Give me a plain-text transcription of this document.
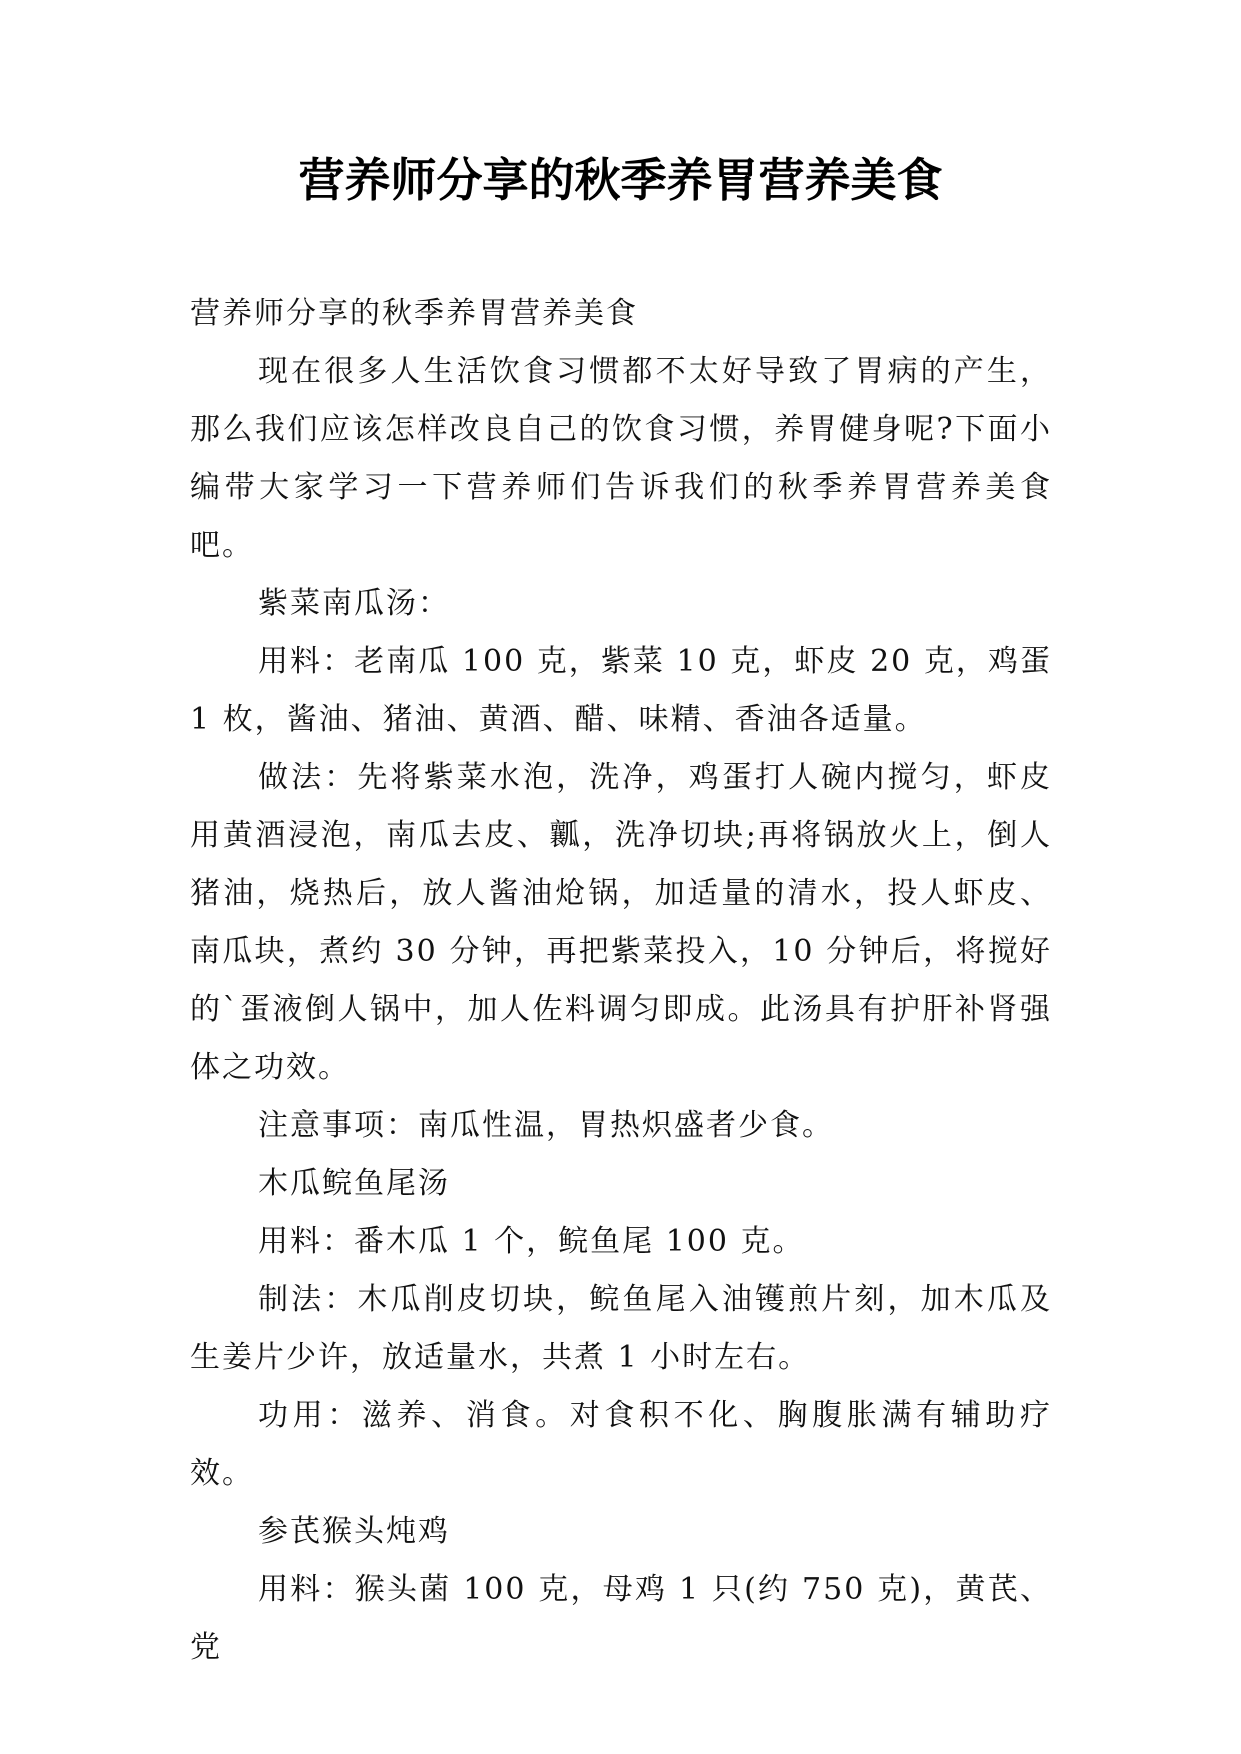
营养师分享的秋季养胃营养美食

营养师分享的秋季养胃营养美食

现在很多人生活饮食习惯都不太好导致了胃病的产生，那么我们应该怎样改良自己的饮食习惯，养胃健身呢?下面小编带大家学习一下营养师们告诉我们的秋季养胃营养美食吧。

紫菜南瓜汤：

用料：老南瓜 100 克，紫菜 10 克，虾皮 20 克，鸡蛋 1 枚，酱油、猪油、黄酒、醋、味精、香油各适量。

做法：先将紫菜水泡，洗净，鸡蛋打人碗内搅匀，虾皮用黄酒浸泡，南瓜去皮、瓤，洗净切块;再将锅放火上，倒人猪油，烧热后，放人酱油炝锅，加适量的清水，投人虾皮、南瓜块，煮约 30 分钟，再把紫菜投入，10 分钟后，将搅好的`蛋液倒人锅中，加人佐料调匀即成。此汤具有护肝补肾强体之功效。

注意事项：南瓜性温，胃热炽盛者少食。

木瓜鲩鱼尾汤

用料：番木瓜 1 个，鲩鱼尾 100 克。

制法：木瓜削皮切块，鲩鱼尾入油镬煎片刻，加木瓜及生姜片少许，放适量水，共煮 1 小时左右。

功用：滋养、消食。对食积不化、胸腹胀满有辅助疗效。

参芪猴头炖鸡

用料：猴头菌 100 克，母鸡 1 只(约 750 克)，黄芪、党
